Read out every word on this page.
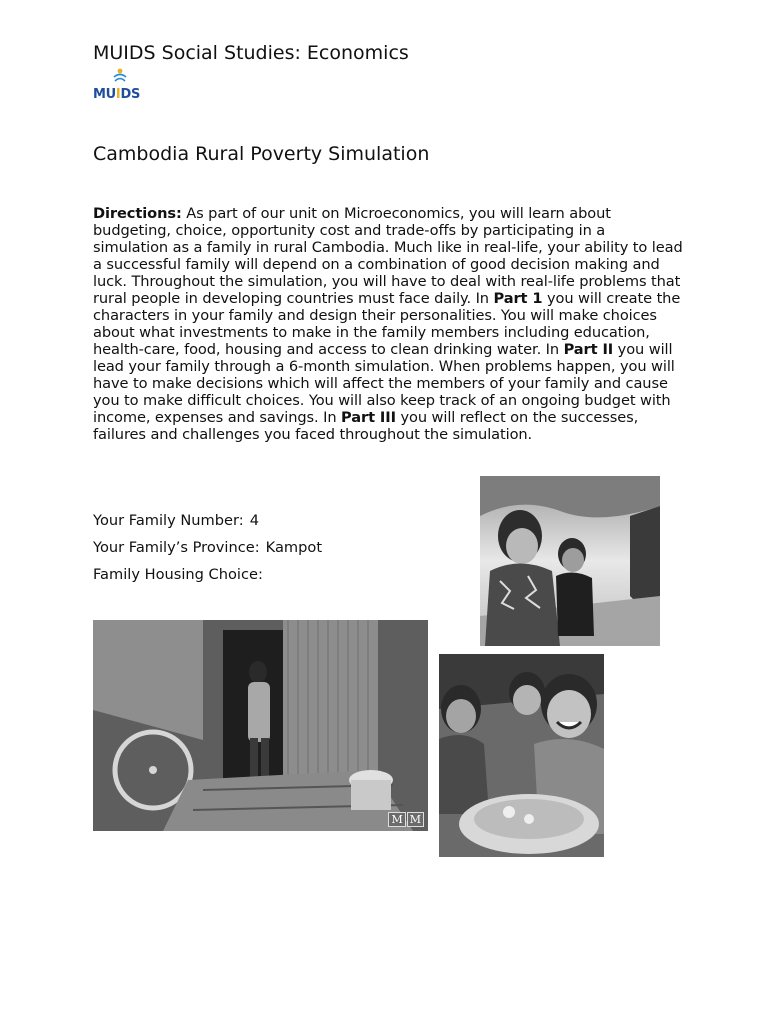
MUIDS Social Studies: Economics
MUIDS
Cambodia Rural Poverty Simulation
Directions: As part of our unit on Microeconomics, you will learn about budgeting, choice, opportunity cost and trade-offs by participating in a simulation as a family in rural Cambodia. Much like in real-life, your ability to lead a successful family will depend on a combination of good decision making and luck. Throughout the simulation, you will have to deal with real-life problems that rural people in developing countries must face daily. In Part 1 you will create the characters in your family and design their personalities. You will make choices about what investments to make in the family members including education, health-care, food, housing and access to clean drinking water. In Part II you will lead your family through a 6-month simulation. When problems happen, you will have to make decisions which will affect the members of your family and cause you to make difficult choices. You will also keep track of an ongoing budget with income, expenses and savings. In Part III you will reflect on the successes, failures and challenges you faced throughout the simulation.
Your Family Number: 4
Your Family’s Province: Kampot
Family Housing Choice:
M M
